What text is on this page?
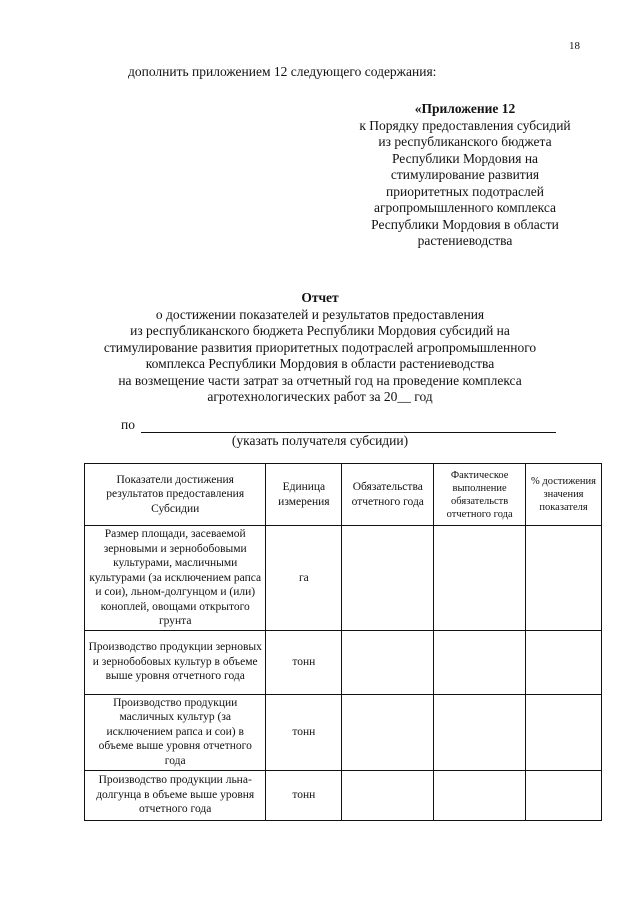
18
дополнить приложением 12 следующего содержания:
«Приложение 12
к Порядку предоставления субсидий
из республиканского бюджета
Республики Мордовия на
стимулирование развития
приоритетных подотраслей
агропромышленного комплекса
Республики Мордовия в области
растениеводства
Отчет
о достижении показателей и результатов предоставления
из республиканского бюджета Республики Мордовия субсидий на
стимулирование развития приоритетных подотраслей агропромышленного
комплекса Республики Мордовия в области растениеводства
на возмещение части затрат за отчетный год на проведение комплекса
агротехнологических работ за 20__ год
по
(указать получателя субсидии)
Показатели достижения результатов предоставления Субсидии	Единица измерения	Обязательства отчетного года	Фактическое выполнение обязательств отчетного года	% достижения значения показателя
Размер площади, засеваемой зерновыми и зернобобовыми культурами, масличными культурами (за исключением рапса и сои), льном-долгунцом и (или) коноплей, овощами открытого грунта	га			
Производство продукции зерновых и зернобобовых культур в объеме выше уровня отчетного года	тонн			
Производство продукции масличных культур (за исключением рапса и сои) в объеме выше уровня отчетного года	тонн			
Производство продукции льна-долгунца в объеме выше уровня отчетного года	тонн			
